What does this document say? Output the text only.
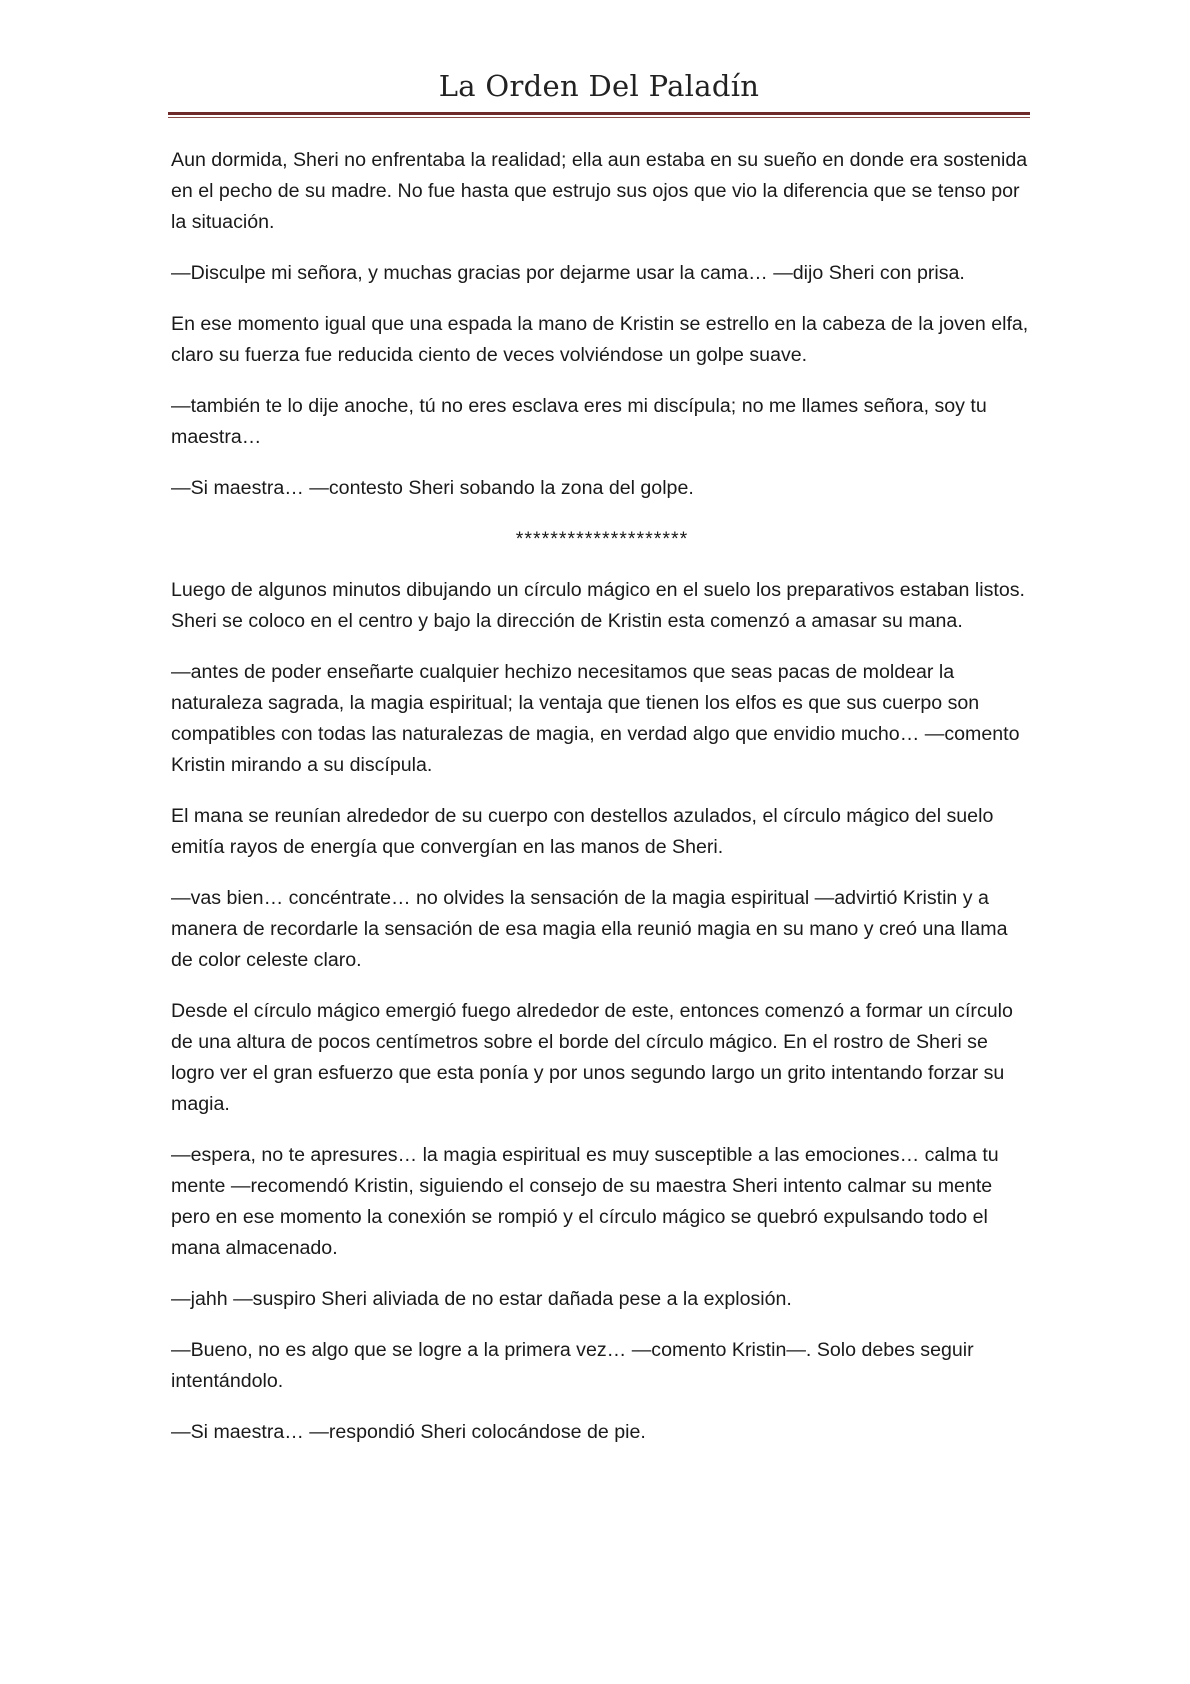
La Orden Del Paladín

Aun dormida, Sheri no enfrentaba la realidad; ella aun estaba en su sueño en donde era sostenida en el pecho de su madre. No fue hasta que estrujo sus ojos que vio la diferencia que se tenso por la situación.

—Disculpe mi señora, y muchas gracias por dejarme usar la cama… —dijo Sheri con prisa.

En ese momento igual que una espada la mano de Kristin se estrello en la cabeza de la joven elfa, claro su fuerza fue reducida ciento de veces volviéndose un golpe suave.

—también te lo dije anoche, tú no eres esclava eres mi discípula; no me llames señora, soy tu maestra…

—Si maestra… —contesto Sheri sobando la zona del golpe.

********************

Luego de algunos minutos dibujando un círculo mágico en el suelo los preparativos estaban listos. Sheri se coloco en el centro y bajo la dirección de Kristin esta comenzó a amasar su mana.

—antes de poder enseñarte cualquier hechizo necesitamos que seas pacas de moldear la naturaleza sagrada, la magia espiritual; la ventaja que tienen los elfos es que sus cuerpo son compatibles con todas las naturalezas de magia, en verdad algo que envidio mucho… —comento Kristin mirando a su discípula.

El mana se reunían alrededor de su cuerpo con destellos azulados, el círculo mágico del suelo emitía rayos de energía que convergían en las manos de Sheri.

—vas bien… concéntrate… no olvides la sensación de la magia espiritual —advirtió Kristin y a manera de recordarle la sensación de esa magia ella reunió magia en su mano y creó una llama de color celeste claro.

Desde el círculo mágico emergió fuego alrededor de este, entonces comenzó a formar un círculo de una altura de pocos centímetros sobre el borde del círculo mágico. En el rostro de Sheri se logro ver el gran esfuerzo que esta ponía y por unos segundo largo un grito intentando forzar su magia.

—espera, no te apresures… la magia espiritual es muy susceptible a las emociones… calma tu mente —recomendó Kristin, siguiendo el consejo de su maestra Sheri intento calmar su mente pero en ese momento la conexión se rompió y el círculo mágico se quebró expulsando todo el mana almacenado.

—jahh —suspiro Sheri aliviada de no estar dañada pese a la explosión.

—Bueno, no es algo que se logre a la primera vez… —comento Kristin—. Solo debes seguir intentándolo.

—Si maestra… —respondió Sheri colocándose de pie.
